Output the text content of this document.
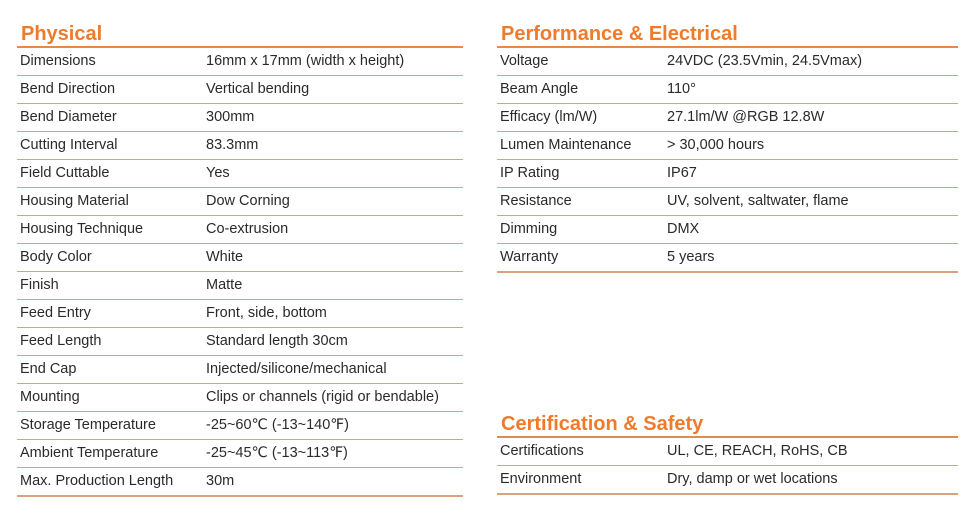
Physical
Dimensions	16mm x 17mm (width x height)
Bend Direction	Vertical bending
Bend Diameter	300mm
Cutting Interval	83.3mm
Field Cuttable	Yes
Housing Material	Dow Corning
Housing Technique	Co-extrusion
Body Color	White
Finish	Matte
Feed Entry	Front, side, bottom
Feed Length	Standard length 30cm
End Cap	Injected/silicone/mechanical
Mounting	Clips or channels (rigid or bendable)
Storage Temperature	-25~60℃ (-13~140℉)
Ambient Temperature	-25~45℃ (-13~113℉)
Max. Production Length 30m
Performance & Electrical
Voltage	24VDC (23.5Vmin, 24.5Vmax)
Beam Angle	110°
Efficacy (lm/W)	27.1lm/W @RGB 12.8W
Lumen Maintenance > 30,000 hours
IP Rating	IP67
Resistance	UV, solvent, saltwater, flame
Dimming	DMX
Warranty	5 years
Certification & Safety
Certifications	UL, CE, REACH, RoHS, CB
Environment	Dry, damp or wet locations
